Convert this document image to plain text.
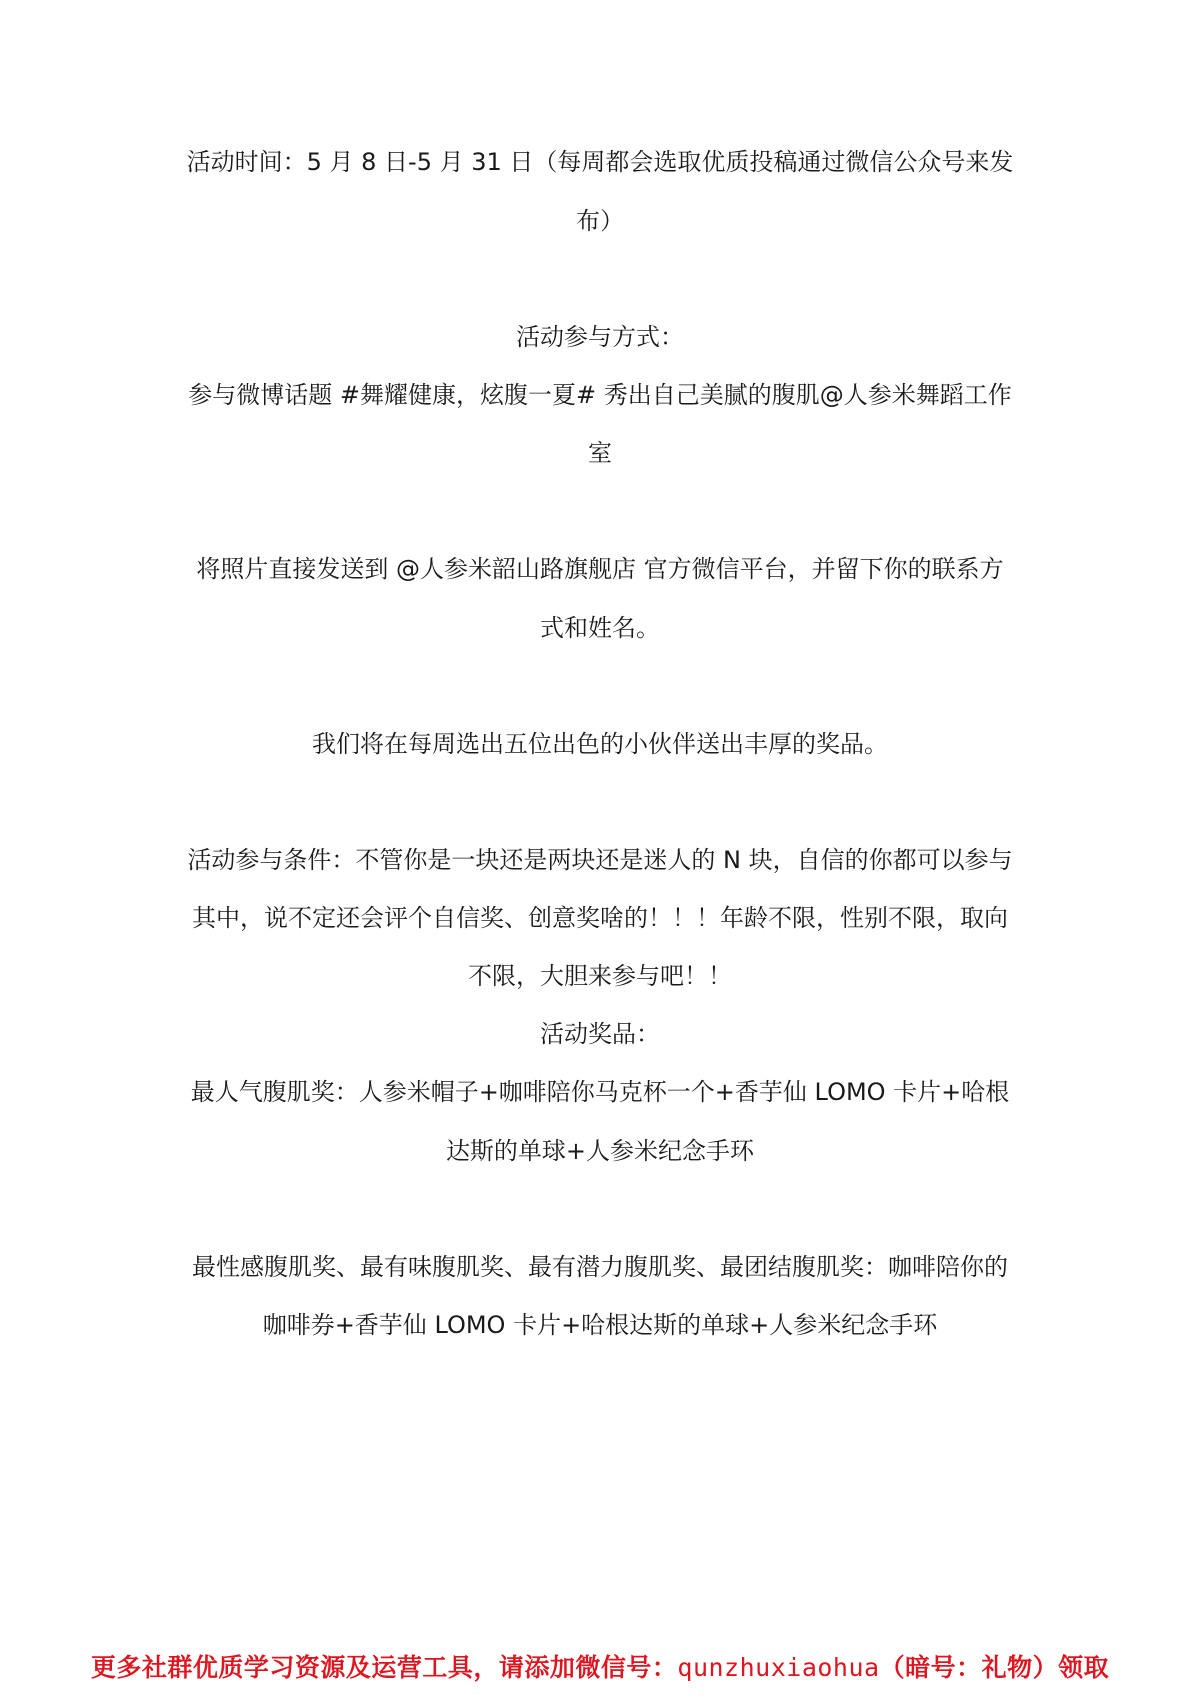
活动时间：5 月 8 日-5 月 31 日（每周都会选取优质投稿通过微信公众号来发

布）

活动参与方式：

参与微博话题 #舞耀健康，炫腹一夏# 秀出自己美腻的腹肌@人参米舞蹈工作

室

将照片直接发送到 @人参米韶山路旗舰店 官方微信平台，并留下你的联系方

式和姓名。

我们将在每周选出五位出色的小伙伴送出丰厚的奖品。

活动参与条件：不管你是一块还是两块还是迷人的 N 块，自信的你都可以参与

其中，说不定还会评个自信奖、创意奖啥的！！！年龄不限，性别不限，取向

不限，大胆来参与吧！！

活动奖品：

最人气腹肌奖：人参米帽子+咖啡陪你马克杯一个+香芋仙 LOMO 卡片+哈根

达斯的单球+人参米纪念手环

最性感腹肌奖、最有味腹肌奖、最有潜力腹肌奖、最团结腹肌奖：咖啡陪你的

咖啡券+香芋仙 LOMO 卡片+哈根达斯的单球+人参米纪念手环

更多社群优质学习资源及运营工具，请添加微信号：qunzhuxiaohua（暗号：礼物）领取
